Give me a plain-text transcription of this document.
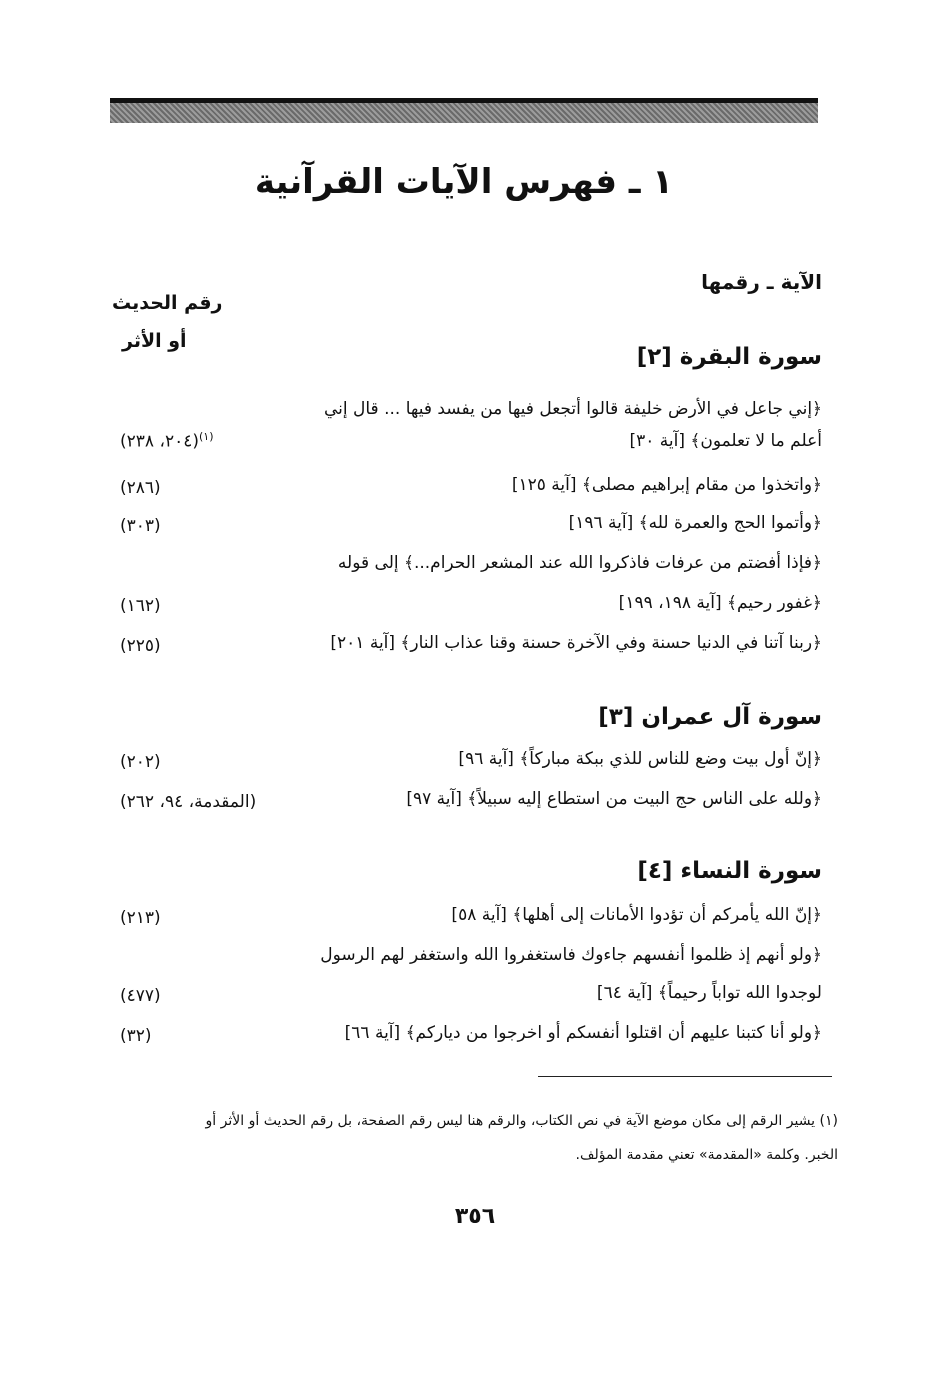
١ ـ فهرس الآيات القرآنية
الآية ـ رقمها
رقم الحديث
أو الأثر
سورة البقرة [٢]
﴿إني جاعل في الأرض خليفة قالوا أتجعل فيها من يفسد فيها ... قال إني
أعلم ما لا تعلمون﴾ [آية ٣٠]
(٢٠٤، ٢٣٨)$^{(١)}$
﴿واتخذوا من مقام إبراهيم مصلى﴾ [آية ١٢٥]
(٢٨٦)
﴿وأتموا الحج والعمرة لله﴾ [آية ١٩٦]
(٣٠٣)
﴿فإذا أفضتم من عرفات فاذكروا الله عند المشعر الحرام...﴾ إلى قوله
﴿غفور رحيم﴾ [آية ١٩٨، ١٩٩]
(١٦٢)
﴿ربنا آتنا في الدنيا حسنة وفي الآخرة حسنة وقنا عذاب النار﴾ [آية ٢٠١]
(٢٢٥)
سورة آل عمران [٣]
﴿إنّ أول بيت وضع للناس للذي ببكة مباركاً﴾ [آية ٩٦]
(٢٠٢)
﴿ولله على الناس حج البيت من استطاع إليه سبيلاً﴾ [آية ٩٧]
(المقدمة، ٩٤، ٢٦٢)
سورة النساء [٤]
﴿إنّ الله يأمركم أن تؤدوا الأمانات إلى أهلها﴾ [آية ٥٨]
(٢١٣)
﴿ولو أنهم إذ ظلموا أنفسهم جاءوك فاستغفروا الله واستغفر لهم الرسول
لوجدوا الله تواباً رحيماً﴾ [آية ٦٤]
(٤٧٧)
﴿ولو أنا كتبنا عليهم أن اقتلوا أنفسكم أو اخرجوا من دياركم﴾ [آية ٦٦]
(٣٢)
(١) يشير الرقم إلى مكان موضع الآية في نص الكتاب، والرقم هنا ليس رقم الصفحة، بل رقم الحديث أو الأثر أو
الخبر. وكلمة «المقدمة» تعني مقدمة المؤلف.
٣٥٦
